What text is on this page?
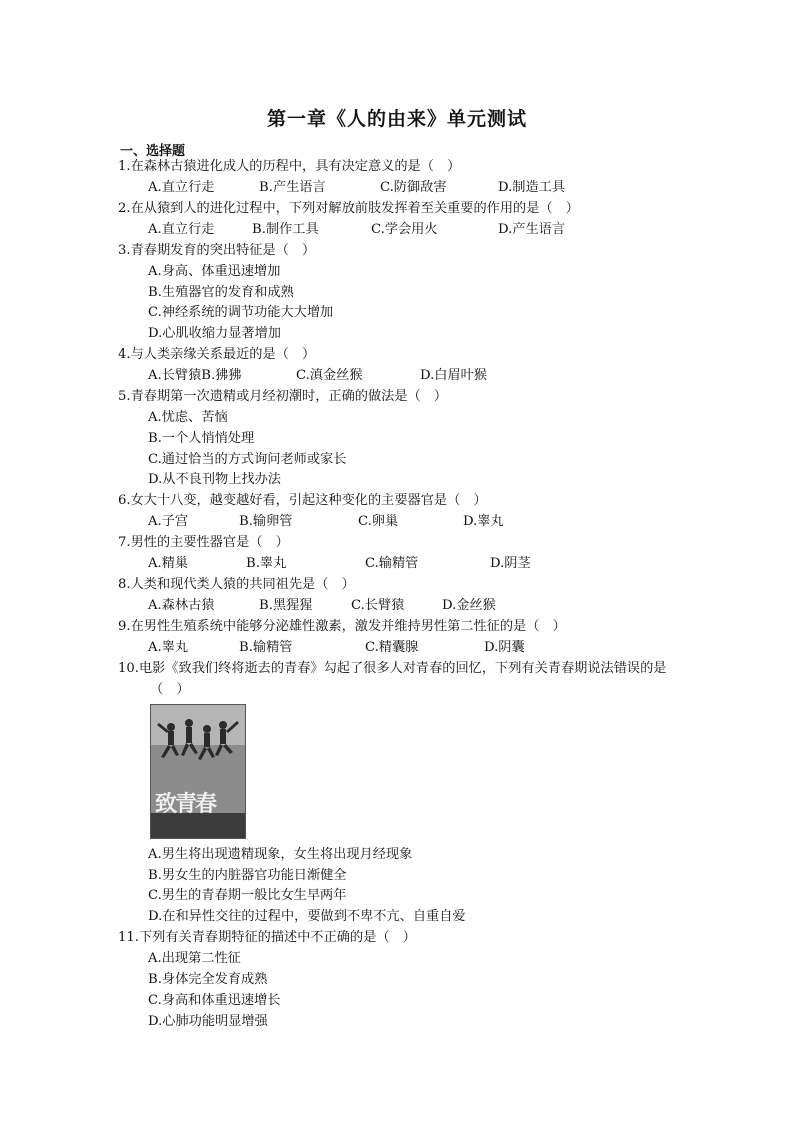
第一章《人的由来》单元测试
一、选择题
1.在森林古猿进化成人的历程中，具有决定意义的是（　）
A.直立行走	B.产生语言	C.防御敌害	D.制造工具
2.在从猿到人的进化过程中，下列对解放前肢发挥着至关重要的作用的是（　）
A.直立行走	B.制作工具	C.学会用火	D.产生语言
3.青春期发育的突出特征是（　）
A.身高、体重迅速增加
B.生殖器官的发育和成熟
C.神经系统的调节功能大大增加
D.心肌收缩力显著增加
4.与人类亲缘关系最近的是（　）
A.长臂猿B.狒狒	C.滇金丝猴	D.白眉叶猴
5.青春期第一次遗精或月经初潮时，正确的做法是（　）
A.忧虑、苦恼
B.一个人悄悄处理
C.通过恰当的方式询问老师或家长
D.从不良刊物上找办法
6.女大十八变，越变越好看，引起这种变化的主要器官是（　）
A.子宫	B.输卵管	C.卵巢	D.睾丸
7.男性的主要性器官是（　）
A.精巢	B.睾丸	C.输精管	D.阴茎
8.人类和现代类人猿的共同祖先是（　）
A.森林古猿	B.黑猩猩	C.长臂猿	D.金丝猴
9.在男性生殖系统中能够分泌雄性激素，激发并维持男性第二性征的是（　）
A.睾丸	B.输精管	C.精囊腺	D.阴囊
10.电影《致我们终将逝去的青春》勾起了很多人对青春的回忆，下列有关青春期说法错误的是
（　）
致青春
A.男生将出现遗精现象，女生将出现月经现象
B.男女生的内脏器官功能日渐健全
C.男生的青春期一般比女生早两年
D.在和异性交往的过程中，要做到不卑不亢、自重自爱
11.下列有关青春期特征的描述中不正确的是（　）
A.出现第二性征
B.身体完全发育成熟
C.身高和体重迅速增长
D.心肺功能明显增强
